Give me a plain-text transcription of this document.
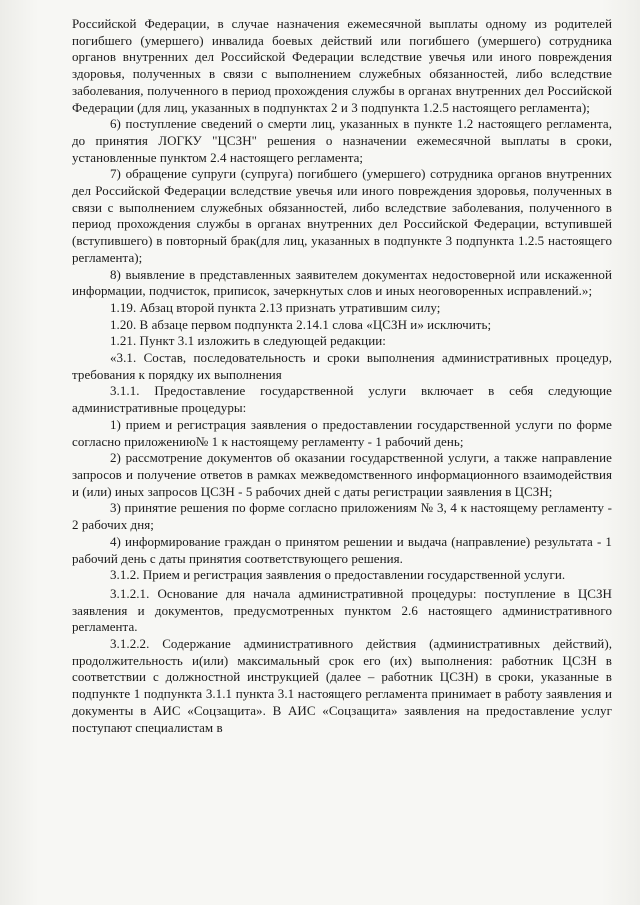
Российской Федерации, в случае назначения ежемесячной выплаты одному из родителей погибшего (умершего) инвалида боевых действий или погибшего (умершего) сотрудника органов внутренних дел Российской Федерации вследствие увечья или иного повреждения здоровья, полученных в связи с выполнением служебных обязанностей, либо вследствие заболевания, полученного в период прохождения службы в органах внутренних дел Российской Федерации (для лиц, указанных в подпунктах 2 и 3 подпункта 1.2.5 настоящего регламента);

6) поступление сведений о смерти лиц, указанных в пункте 1.2 настоящего регламента, до принятия ЛОГКУ "ЦСЗН" решения о назначении ежемесячной выплаты в сроки, установленные пунктом 2.4 настоящего регламента;

7) обращение супруги (супруга) погибшего (умершего) сотрудника органов внутренних дел Российской Федерации вследствие увечья или иного повреждения здоровья, полученных в связи с выполнением служебных обязанностей, либо вследствие заболевания, полученного в период прохождения службы в органах внутренних дел Российской Федерации, вступившей (вступившего) в повторный брак(для лиц, указанных в подпункте 3 подпункта 1.2.5 настоящего регламента);

8) выявление в представленных заявителем документах недостоверной или искаженной информации, подчисток, приписок, зачеркнутых слов и иных неоговоренных исправлений.»;

1.19. Абзац второй пункта 2.13 признать утратившим силу;

1.20. В абзаце первом подпункта 2.14.1 слова «ЦСЗН и» исключить;

1.21. Пункт 3.1 изложить в следующей редакции:

«3.1. Состав, последовательность и сроки выполнения административных процедур, требования к порядку их выполнения

3.1.1. Предоставление государственной услуги включает в себя следующие административные процедуры:

1) прием и регистрация заявления о предоставлении государственной услуги по форме согласно приложению№ 1 к настоящему регламенту - 1 рабочий день;

2) рассмотрение документов об оказании государственной услуги, а также направление запросов и получение ответов в рамках межведомственного информационного взаимодействия и (или) иных запросов ЦСЗН - 5 рабочих дней с даты регистрации заявления в ЦСЗН;

3) принятие решения по форме согласно приложениям № 3, 4 к настоящему регламенту - 2 рабочих дня;

4) информирование граждан о принятом решении и выдача (направление) результата - 1 рабочий день с даты принятия соответствующего решения.

3.1.2. Прием и регистрация заявления о предоставлении государственной услуги.

3.1.2.1. Основание для начала административной процедуры: поступление в ЦСЗН заявления и документов, предусмотренных пунктом 2.6 настоящего административного регламента.

3.1.2.2. Содержание административного действия (административных действий), продолжительность и(или) максимальный срок его (их) выполнения: работник ЦСЗН в соответствии с должностной инструкцией (далее – работник ЦСЗН) в сроки, указанные в подпункте 1 подпункта 3.1.1 пункта 3.1 настоящего регламента принимает в работу заявления и документы в АИС «Соцзащита». В АИС «Соцзащита» заявления на предоставление услуг поступают специалистам в
